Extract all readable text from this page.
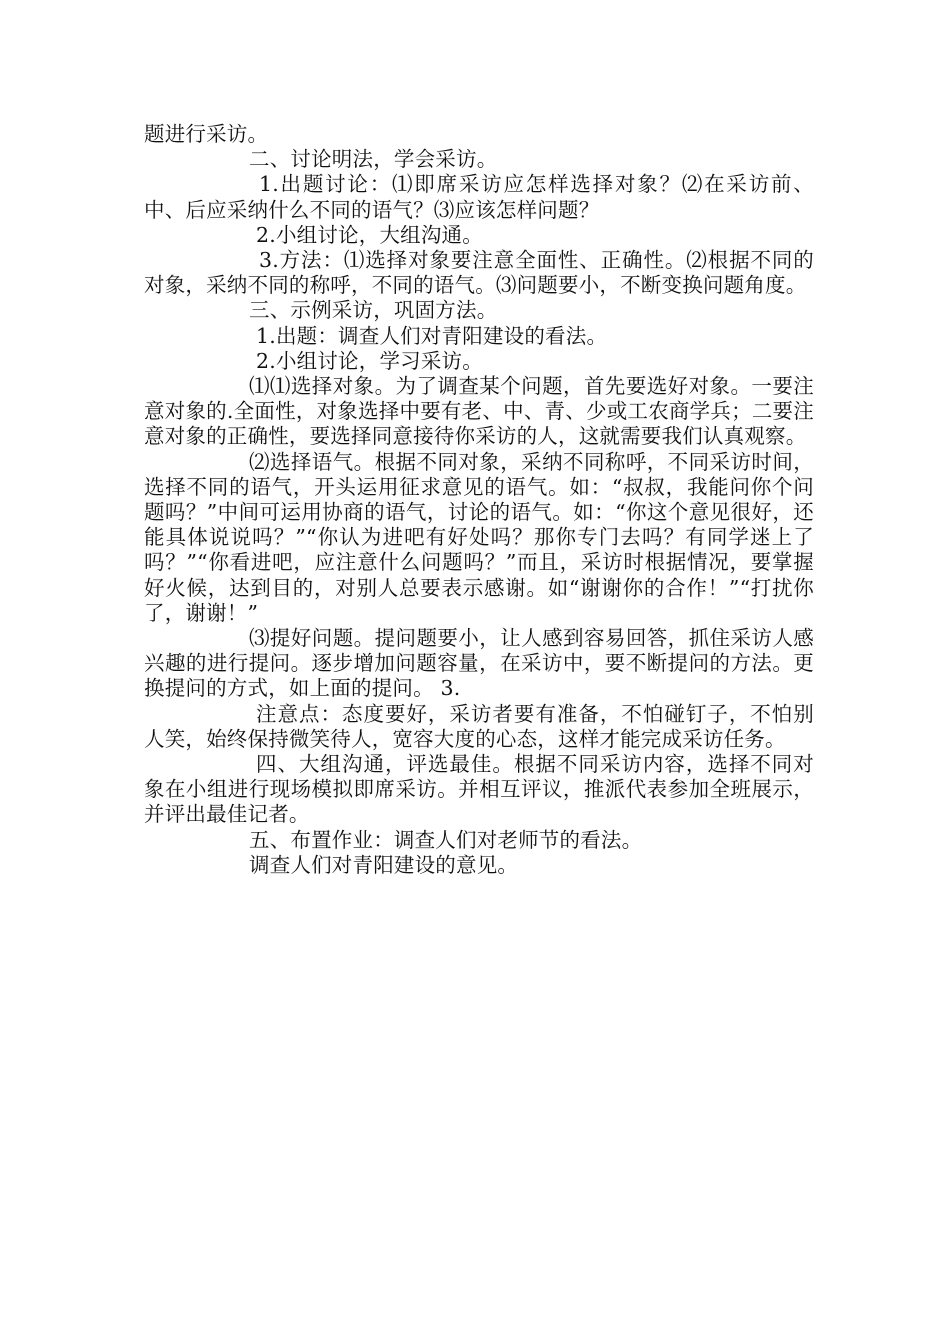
题进行采访。

二、讨论明法，学会采访。

1.出题讨论：⑴即席采访应怎样选择对象？⑵在采访前、中、后应采纳什么不同的语气？⑶应该怎样问题？

2.小组讨论，大组沟通。

3.方法：⑴选择对象要注意全面性、正确性。⑵根据不同的对象，采纳不同的称呼，不同的语气。⑶问题要小，不断变换问题角度。

三、示例采访，巩固方法。

1.出题：调查人们对青阳建设的看法。

2.小组讨论，学习采访。

⑴⑴选择对象。为了调查某个问题，首先要选好对象。一要注意对象的.全面性，对象选择中要有老、中、青、少或工农商学兵；二要注意对象的正确性，要选择同意接待你采访的人，这就需要我们认真观察。

⑵选择语气。根据不同对象，采纳不同称呼，不同采访时间，选择不同的语气，开头运用征求意见的语气。如：“叔叔，我能问你个问题吗？”中间可运用协商的语气，讨论的语气。如：“你这个意见很好，还能具体说说吗？”“你认为进吧有好处吗？那你专门去吗？有同学迷上了吗？”“你看进吧，应注意什么问题吗？”而且，采访时根据情况，要掌握好火候，达到目的，对别人总要表示感谢。如“谢谢你的合作！”“打扰你了，谢谢！”

⑶提好问题。提问题要小，让人感到容易回答，抓住采访人感兴趣的进行提问。逐步增加问题容量，在采访中，要不断提问的方法。更换提问的方式，如上面的提问。 3.

注意点：态度要好，采访者要有准备，不怕碰钉子，不怕别人笑，始终保持微笑待人，宽容大度的心态，这样才能完成采访任务。

四、大组沟通，评选最佳。根据不同采访内容，选择不同对象在小组进行现场模拟即席采访。并相互评议，推派代表参加全班展示，并评出最佳记者。

五、布置作业：调查人们对老师节的看法。

调查人们对青阳建设的意见。
